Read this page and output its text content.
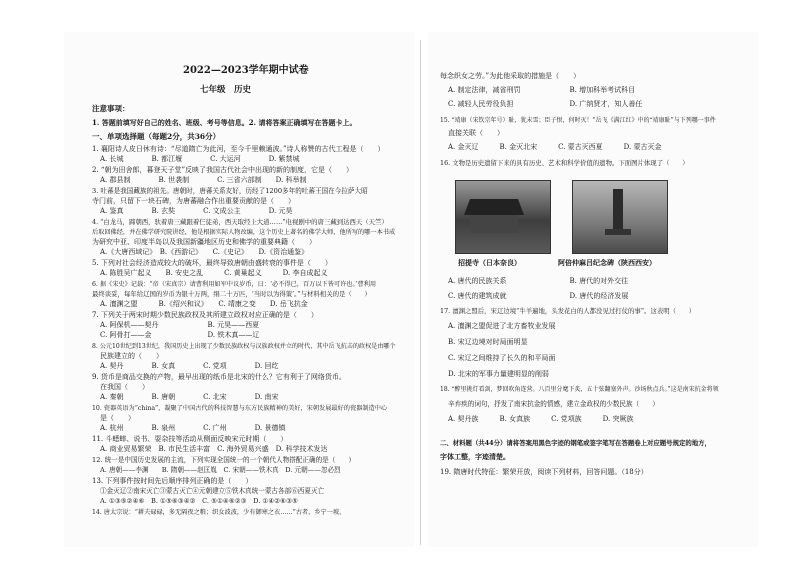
2022—2023学年期中试卷
七年级　历史
注意事项：
1. 答题前填写好自己的姓名、班级、考号等信息。2. 请将答案正确填写在答题卡上。
一、单项选择题（每题2分，共36分）
1. 襄阳诗人皮日休有诗：“尽道隋亡为此河，至今千里赖通波。”诗人称赞的古代工程是（　　）
A. 长城　　　　B. 都江堰　　　　C. 大运河　　　　D. 紫禁城
2. “朝为田舍郎，暮登天子堂”反映了我国古代社会中出现的新的制度，它是（　　）
A. 郡县制　　　　B. 世袭制　　　　C. 三省六部制　　D. 科举制
3. 吐蕃是我国藏族的祖先。唐朝时，唐蕃关系友好，历经了1200多年的吐蕃王国在今拉萨大昭
寺门前，只留下一块石碑，为唐蕃融合作出重要贡献的是（　　）
A. 鉴真　　　　B. 玄奘　　　　C. 文成公主　　　　D. 元昊
4. “白龙马，蹄朝西，驮着唐三藏跟着仨徒弟，西天取经上大道……”电视剧中的唐三藏到达西天（天竺）
后取回佛经，并在佛学研究院讲经，他是根据实际人物改编，这个历史上著名的佛学大师，他所写的哪一本书成
为研究中亚、印度半岛以及我国新疆地区历史和佛学的重要典籍（　　）
A.《大唐西域记》　B.《西游记》　　C.《史记》　　D.《资治通鉴》
5. 下列对社会经济造成较大的破坏，最终导致唐朝由盛转衰的事件是（　　）
A. 陈胜吴广起义　　B. 安史之乱　　　C. 黄巢起义　　　D. 李自成起义
6. 据《宋史》记载：“帝（宋真宗）请曹利用如军中议岁币，曰：‘必不得已，百万以下皆可许也。’曹利用
最终谈妥，每年给辽国的岁币为银十万两，绢二十万匹，‘当时以为得策’。”与材料相关的是（　　）
A. 澶渊之盟　　　B.《绍兴和议》　　C. 靖康之变　　D. 岳飞抗金
7. 下列关于两宋时期少数民族政权及其所建立政权对应正确的是（　　）
A. 阿保机——契丹　　　　　　　B. 元昊——西夏
C. 阿骨打——金　　　　　　　　D. 铁木真——辽
8. 公元10世纪到13世纪，我国历史上出现了少数民族政权与汉族政权并立的时代，其中岳飞抗击的政权是由哪个
民族建立的（　　）
A. 契丹　　　　B. 女真　　　　C. 党项　　　　D. 回纥
9. 货币是商品交换的产物，最早出现的纸币是北宋的什么？它有利于了网络货币。
在我国（　　）
A. 秦朝　　　　B. 唐朝　　　　C. 北宋　　　　D. 南宋
10. 瓷器英语为“china”，凝聚了中国古代的科技智慧与东方民族精神的美好，宋朝发展最好的瓷器制造中心
是（　　）
A. 杭州　　　　B. 泉州　　　　C. 广州　　　　D. 景德镇
11. 斗蟋蟀、说书、耍杂技等活动从侧面反映宋元时期（　　）
A. 商业贸易繁荣　B. 市民生活丰富　C. 海外贸易兴盛　D. 科学技术发达
12. 统一是中国历史发展的主流，下列实现全国统一的一个朝代人物搭配正确的是（　　）
A. 唐朝——李渊　　B. 隋朝——赵匡胤　C. 宋朝——铁木真　D. 元朝——忽必烈
13. 下列事件按时间先后顺序排列正确的是（　　）
①金灭辽②南宋灭亡③蒙古灭亡④元朝建立⑤铁木真统一蒙古各部⑥西夏灭亡
A. ①③⑤②④⑥　B. ①⑤⑥③④②　C. ⑤①④⑥②③　D. ①④②⑥③⑤
14. 唐太宗说：“耕夫碌碌，多无隔夜之粮；织女波波，少有御寒之衣……”古者，乡宁一坡，
每念织女之劳。”为此他采取的措施是（　　）
A. 制定法律，减省刑罚　　　　　　　B. 增加科举考试科目
C. 减轻人民劳役负担　　　　　　　　D. 广纳贤才，知人善任
15. “靖康（宋钦宗年号）耻，犹未雪；臣子恨，何时灭！”岳飞《满江红》中的“靖康耻”与下列哪一事件
直接关联（　　）
A. 金灭辽　　　B. 金灭北宋　　　C. 蒙古灭西夏　　　D. 蒙古灭金
16. 文物是历史遗留下来的具有历史、艺术和科学价值的遗物。下面图片体现了（　　）
招提寺（日本奈良）	阿倍仲麻吕纪念碑（陕西西安）
A. 唐代的民族关系　　　　　　　　　B. 唐代的对外交往
C. 唐代的建筑成就　　　　　　　　　D. 唐代的经济发展
17. 澶渊之盟后，宋辽边境“牛羊遍地，头发花白的人都没见过打仗的事”。这表明（　　）
A. 澶渊之盟促进了北方畜牧业发展
B. 宋辽边境对时局面明显
C. 宋辽之间维持了长久的和平局面
D. 北宋的军事力量建明显的削弱
18. “醉里挑灯看剑，梦回吹角连营。八百里分麾下炙，五十弦翻塞外声。沙场秋点兵。”这是南宋抗金将领
辛弃疾的词句，抒发了南宋抗金的情感，建立金政权的少数民族（　　）
A. 契丹族　　　B. 女真族　　　C. 党项族　　　D. 突厥族
二、材料题（共44分）请将答案用黑色字迹的钢笔或签字笔写在答题卷上对应题号规定的地方，
字体工整，字迹清楚。
19. 隋唐时代特征：繁荣开放，阅读下列材料，回答问题。（18分）
